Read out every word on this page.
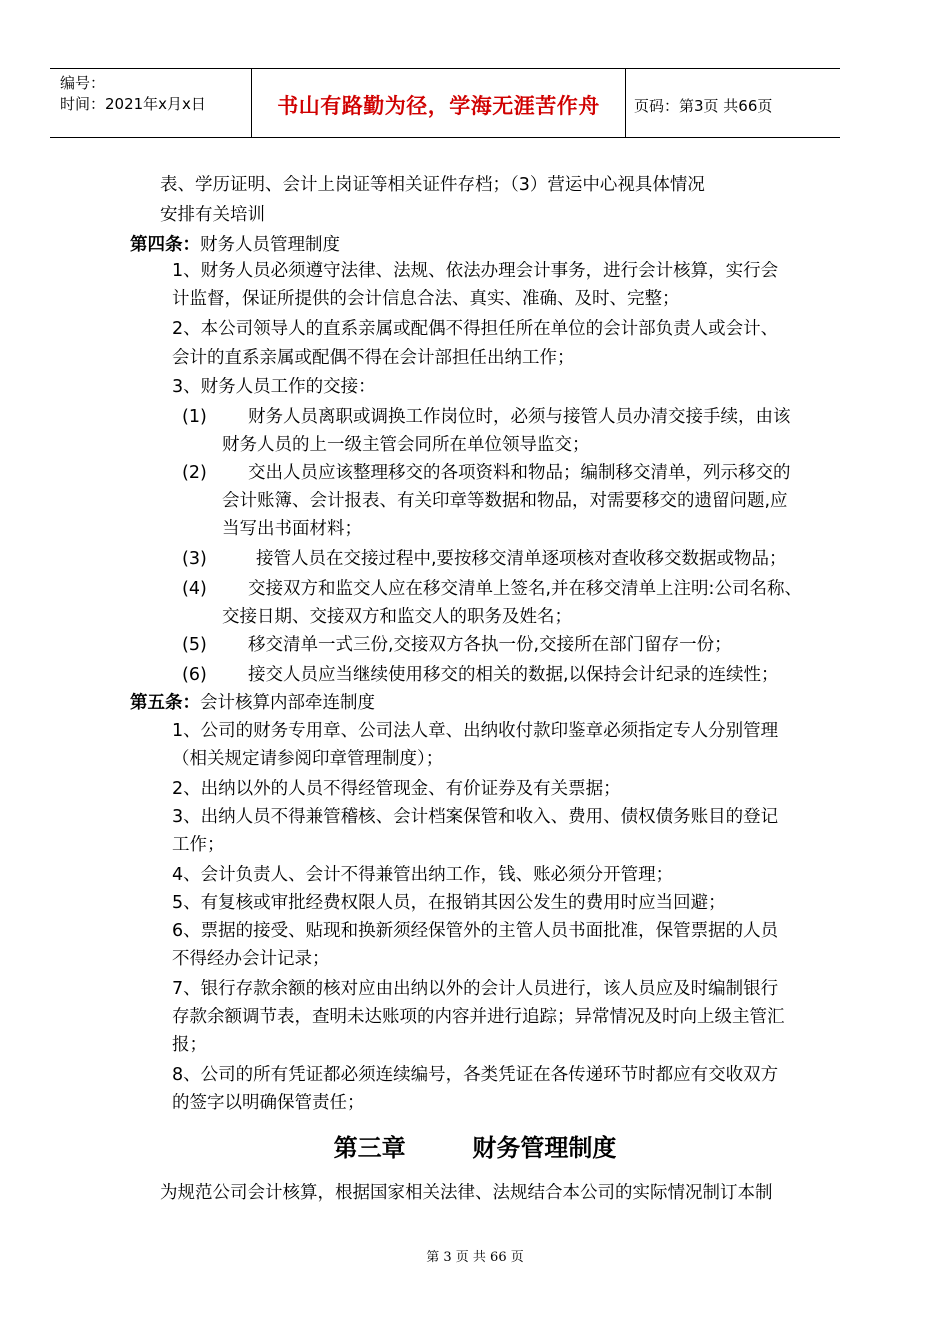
编号：
时间：2021年x月x日	书山有路勤为径，学海无涯苦作舟 页码：第3页 共66页
表、学历证明、会计上岗证等相关证件存档；（3）营运中心视具体情况
安排有关培训
第四条：财务人员管理制度
1、财务人员必须遵守法律、法规、依法办理会计事务，进行会计核算，实行会
计监督，保证所提供的会计信息合法、真实、准确、及时、完整；
2、本公司领导人的直系亲属或配偶不得担任所在单位的会计部负责人或会计、
会计的直系亲属或配偶不得在会计部担任出纳工作；
3、财务人员工作的交接：
(1) 财务人员离职或调换工作岗位时，必须与接管人员办清交接手续，由该
财务人员的上一级主管会同所在单位领导监交；
(2) 交出人员应该整理移交的各项资料和物品；编制移交清单，列示移交的
会计账簿、会计报表、有关印章等数据和物品，对需要移交的遗留问题,应
当写出书面材料；
(3)	接管人员在交接过程中,要按移交清单逐项核对查收移交数据或物品；
(4) 交接双方和监交人应在移交清单上签名,并在移交清单上注明:公司名称、
交接日期、交接双方和监交人的职务及姓名；
(5) 移交清单一式三份,交接双方各执一份,交接所在部门留存一份；
(6) 接交人员应当继续使用移交的相关的数据,以保持会计纪录的连续性；
第五条：会计核算内部牵连制度
1、公司的财务专用章、公司法人章、出纳收付款印鉴章必须指定专人分别管理
（相关规定请参阅印章管理制度）；
2、出纳以外的人员不得经管现金、有价证券及有关票据；
3、出纳人员不得兼管稽核、会计档案保管和收入、费用、债权债务账目的登记
工作；
4、会计负责人、会计不得兼管出纳工作，钱、账必须分开管理；
5、有复核或审批经费权限人员，在报销其因公发生的费用时应当回避；
6、票据的接受、贴现和换新须经保管外的主管人员书面批准，保管票据的人员
不得经办会计记录；
7、银行存款余额的核对应由出纳以外的会计人员进行，该人员应及时编制银行
存款余额调节表，查明未达账项的内容并进行追踪；异常情况及时向上级主管汇
报；
8、公司的所有凭证都必须连续编号，各类凭证在各传递环节时都应有交收双方
的签字以明确保管责任；
第三章        财务管理制度
为规范公司会计核算，根据国家相关法律、法规结合本公司的实际情况制订本制
第 3 页 共 66 页
